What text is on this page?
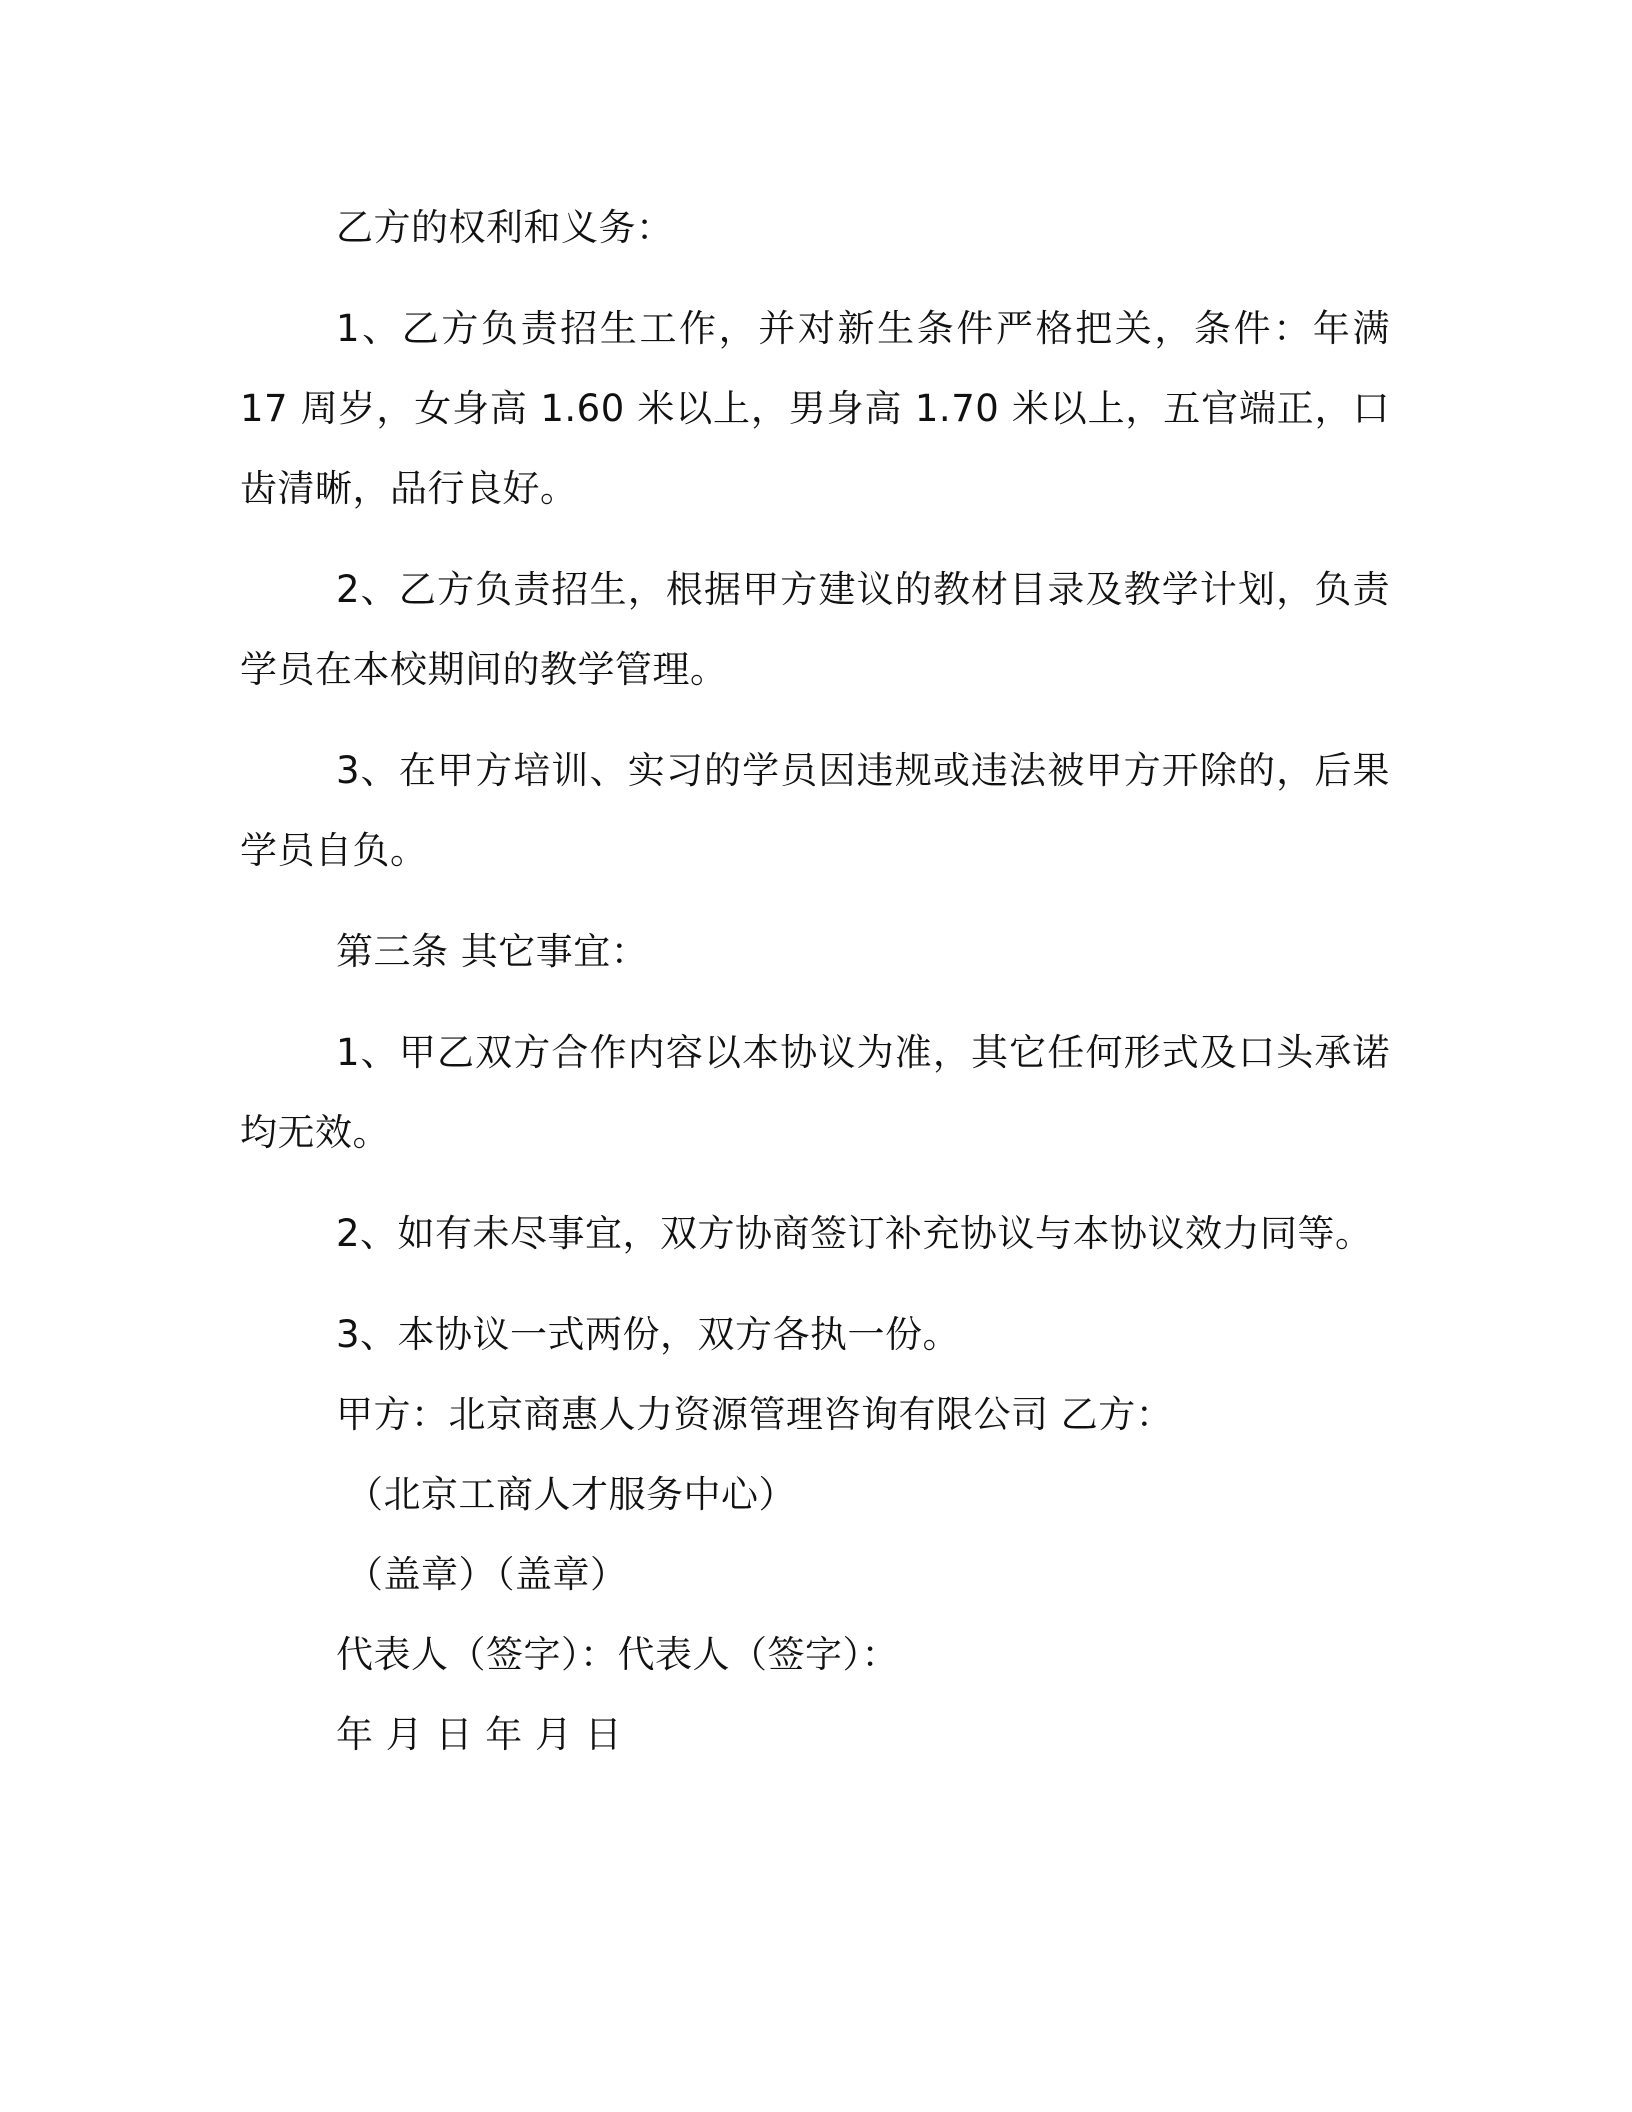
乙方的权利和义务：

1、乙方负责招生工作，并对新生条件严格把关，条件：年满 17 周岁，女身高 1.60 米以上，男身高 1.70 米以上，五官端正，口齿清晰，品行良好。

2、乙方负责招生，根据甲方建议的教材目录及教学计划，负责学员在本校期间的教学管理。

3、在甲方培训、实习的学员因违规或违法被甲方开除的，后果学员自负。

第三条 其它事宜：

1、甲乙双方合作内容以本协议为准，其它任何形式及口头承诺均无效。

2、如有未尽事宜，双方协商签订补充协议与本协议效力同等。

3、本协议一式两份，双方各执一份。

甲方：北京商惠人力资源管理咨询有限公司 乙方：

（北京工商人才服务中心）

（盖章）（盖章）

代表人（签字）：代表人（签字）：

年 月 日 年 月 日
